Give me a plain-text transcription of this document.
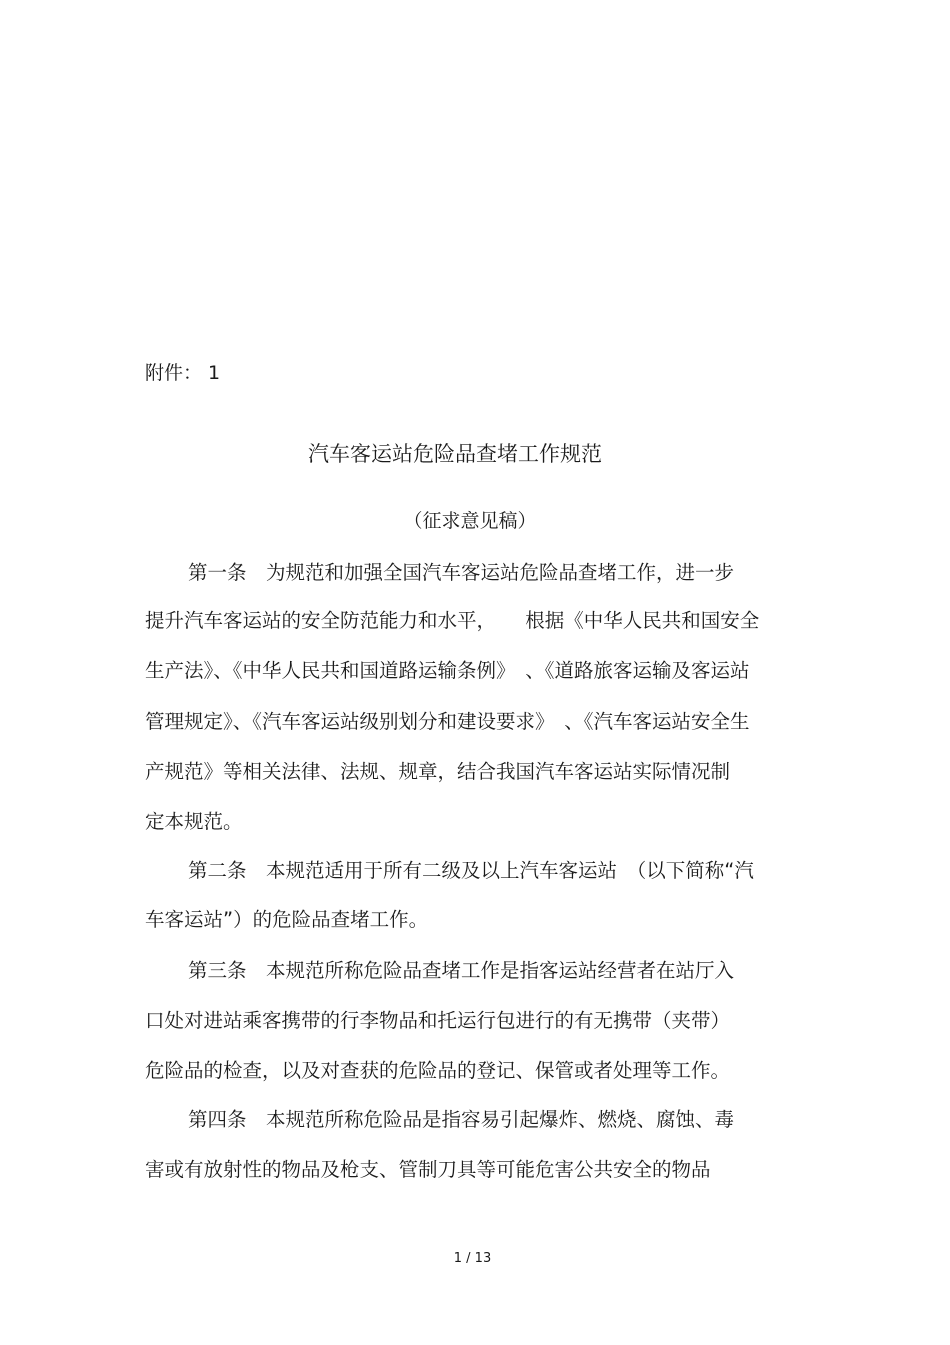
附件： 1
汽车客运站危险品查堵工作规范
（征求意见稿）
第一条　为规范和加强全国汽车客运站危险品查堵工作，进一步
提升汽车客运站的安全防范能力和水平，　　根据《中华人民共和国安全
生产法》、《中华人民共和国道路运输条例》　、《道路旅客运输及客运站
管理规定》、《汽车客运站级别划分和建设要求》　、《汽车客运站安全生
产规范》等相关法律、法规、规章，结合我国汽车客运站实际情况制
定本规范。
第二条　本规范适用于所有二级及以上汽车客运站　（以下简称“汽
车客运站”）的危险品查堵工作。
第三条　本规范所称危险品查堵工作是指客运站经营者在站厅入
口处对进站乘客携带的行李物品和托运行包进行的有无携带（夹带）
危险品的检查，以及对查获的危险品的登记、保管或者处理等工作。
第四条　本规范所称危险品是指容易引起爆炸、燃烧、腐蚀、毒
害或有放射性的物品及枪支、管制刀具等可能危害公共安全的物品
1 / 13
